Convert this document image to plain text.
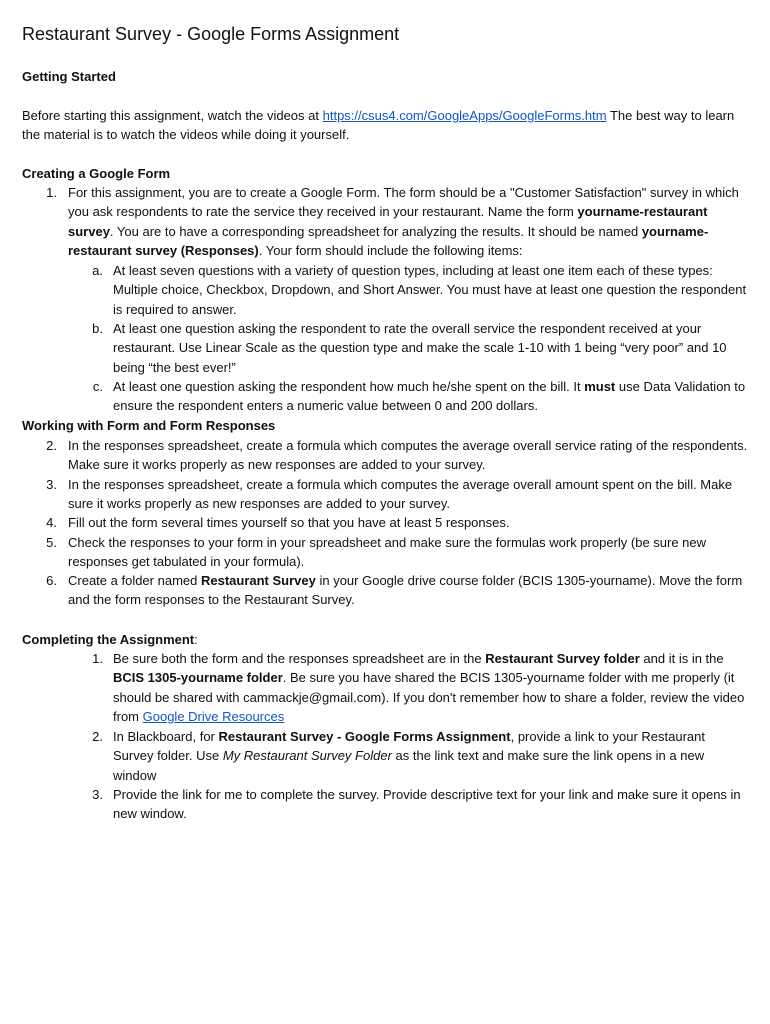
Restaurant Survey - Google Forms Assignment
Getting Started
Before starting this assignment, watch the videos at https://csus4.com/GoogleApps/GoogleForms.htm The best way to learn the material is to watch the videos while doing it yourself.
Creating a Google Form
1. For this assignment, you are to create a Google Form. The form should be a "Customer Satisfaction" survey in which you ask respondents to rate the service they received in your restaurant. Name the form yourname-restaurant survey. You are to have a corresponding spreadsheet for analyzing the results. It should be named yourname-restaurant survey (Responses). Your form should include the following items:
a. At least seven questions with a variety of question types, including at least one item each of these types: Multiple choice, Checkbox, Dropdown, and Short Answer. You must have at least one question the respondent is required to answer.
b. At least one question asking the respondent to rate the overall service the respondent received at your restaurant. Use Linear Scale as the question type and make the scale 1-10 with 1 being “very poor” and 10 being “the best ever!”
c. At least one question asking the respondent how much he/she spent on the bill. It must use Data Validation to ensure the respondent enters a numeric value between 0 and 200 dollars.
Working with Form and Form Responses
2. In the responses spreadsheet, create a formula which computes the average overall service rating of the respondents. Make sure it works properly as new responses are added to your survey.
3. In the responses spreadsheet, create a formula which computes the average overall amount spent on the bill. Make sure it works properly as new responses are added to your survey.
4. Fill out the form several times yourself so that you have at least 5 responses.
5. Check the responses to your form in your spreadsheet and make sure the formulas work properly (be sure new responses get tabulated in your formula).
6. Create a folder named Restaurant Survey in your Google drive course folder (BCIS 1305-yourname). Move the form and the form responses to the Restaurant Survey.
Completing the Assignment:
1. Be sure both the form and the responses spreadsheet are in the Restaurant Survey folder and it is in the BCIS 1305-yourname folder. Be sure you have shared the BCIS 1305-yourname folder with me properly (it should be shared with cammackje@gmail.com). If you don't remember how to share a folder, review the video from Google Drive Resources
2. In Blackboard, for Restaurant Survey - Google Forms Assignment, provide a link to your Restaurant Survey folder. Use My Restaurant Survey Folder as the link text and make sure the link opens in a new window
3. Provide the link for me to complete the survey. Provide descriptive text for your link and make sure it opens in new window.
